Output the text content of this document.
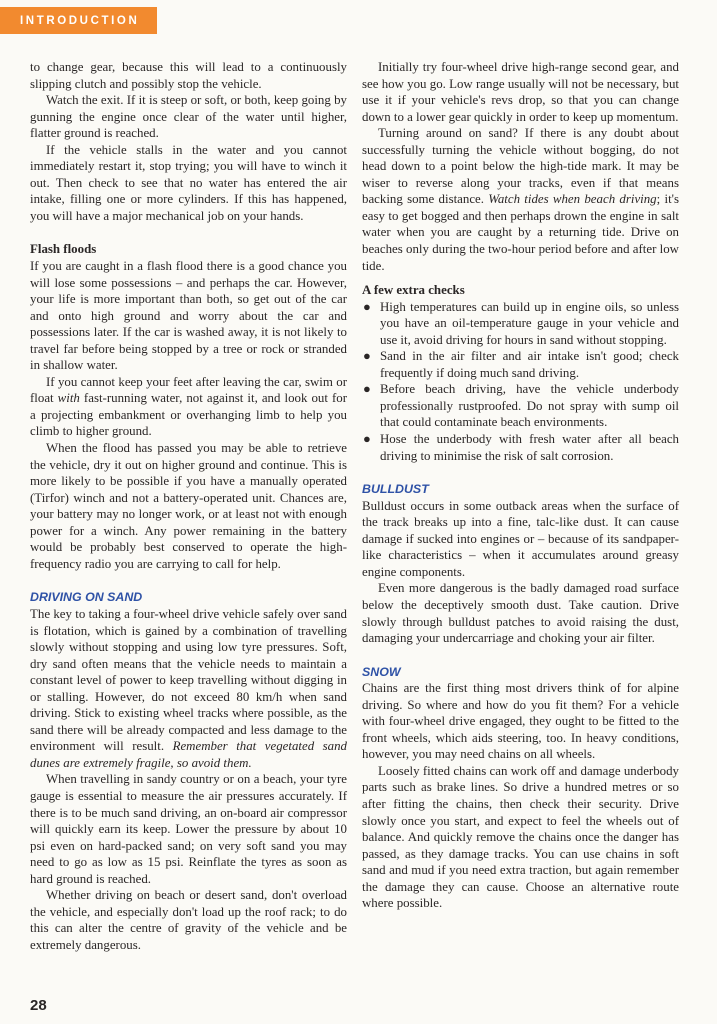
INTRODUCTION

to change gear, because this will lead to a continuously slipping clutch and possibly stop the vehicle.

Watch the exit. If it is steep or soft, or both, keep going by gunning the engine once clear of the water until higher, flatter ground is reached.

If the vehicle stalls in the water and you cannot immediately restart it, stop trying; you will have to winch it out. Then check to see that no water has entered the air intake, filling one or more cylinders. If this has happened, you will have a major mechanical job on your hands.

Flash floods

If you are caught in a flash flood there is a good chance you will lose some possessions – and perhaps the car. However, your life is more important than both, so get out of the car and onto high ground and worry about the car and possessions later. If the car is washed away, it is not likely to travel far before being stopped by a tree or rock or stranded in shallow water.

If you cannot keep your feet after leaving the car, swim or float with fast-running water, not against it, and look out for a projecting embankment or overhanging limb to help you climb to higher ground.

When the flood has passed you may be able to retrieve the vehicle, dry it out on higher ground and continue. This is more likely to be possible if you have a manually operated (Tirfor) winch and not a battery-operated unit. Chances are, your battery may no longer work, or at least not with enough power for a winch. Any power remaining in the battery would be probably best conserved to operate the high-frequency radio you are carrying to call for help.

DRIVING ON SAND

The key to taking a four-wheel drive vehicle safely over sand is flotation, which is gained by a combination of travelling slowly without stopping and using low tyre pressures. Soft, dry sand often means that the vehicle needs to maintain a constant level of power to keep travelling without digging in or stalling. However, do not exceed 80 km/h when sand driving. Stick to existing wheel tracks where possible, as the sand there will be already compacted and less damage to the environment will result. Remember that vegetated sand dunes are extremely fragile, so avoid them.

When travelling in sandy country or on a beach, your tyre gauge is essential to measure the air pressures accurately. If there is to be much sand driving, an on-board air compressor will quickly earn its keep. Lower the pressure by about 10 psi even on hard-packed sand; on very soft sand you may need to go as low as 15 psi. Reinflate the tyres as soon as hard ground is reached.

Whether driving on beach or desert sand, don't overload the vehicle, and especially don't load up the roof rack; to do this can alter the centre of gravity of the vehicle and be extremely dangerous.

Initially try four-wheel drive high-range second gear, and see how you go. Low range usually will not be necessary, but use it if your vehicle's revs drop, so that you can change down to a lower gear quickly in order to keep up momentum.

Turning around on sand? If there is any doubt about successfully turning the vehicle without bogging, do not head down to a point below the high-tide mark. It may be wiser to reverse along your tracks, even if that means backing some distance. Watch tides when beach driving; it's easy to get bogged and then perhaps drown the engine in salt water when you are caught by a returning tide. Drive on beaches only during the two-hour period before and after low tide.

A few extra checks

● High temperatures can build up in engine oils, so unless you have an oil-temperature gauge in your vehicle and use it, avoid driving for hours in sand without stopping.
● Sand in the air filter and air intake isn't good; check frequently if doing much sand driving.
● Before beach driving, have the vehicle underbody professionally rustproofed. Do not spray with sump oil that could contaminate beach environments.
● Hose the underbody with fresh water after all beach driving to minimise the risk of salt corrosion.

BULLDUST

Bulldust occurs in some outback areas when the surface of the track breaks up into a fine, talc-like dust. It can cause damage if sucked into engines or – because of its sandpaper-like characteristics – when it accumulates around greasy engine components.

Even more dangerous is the badly damaged road surface below the deceptively smooth dust. Take caution. Drive slowly through bulldust patches to avoid raising the dust, damaging your undercarriage and choking your air filter.

SNOW

Chains are the first thing most drivers think of for alpine driving. So where and how do you fit them? For a vehicle with four-wheel drive engaged, they ought to be fitted to the front wheels, which aids steering, too. In heavy conditions, however, you may need chains on all wheels.

Loosely fitted chains can work off and damage underbody parts such as brake lines. So drive a hundred metres or so after fitting the chains, then check their security. Drive slowly once you start, and expect to feel the wheels out of balance. And quickly remove the chains once the danger has passed, as they damage tracks. You can use chains in soft sand and mud if you need extra traction, but again remember the damage they can cause. Choose an alternative route where possible.

28
